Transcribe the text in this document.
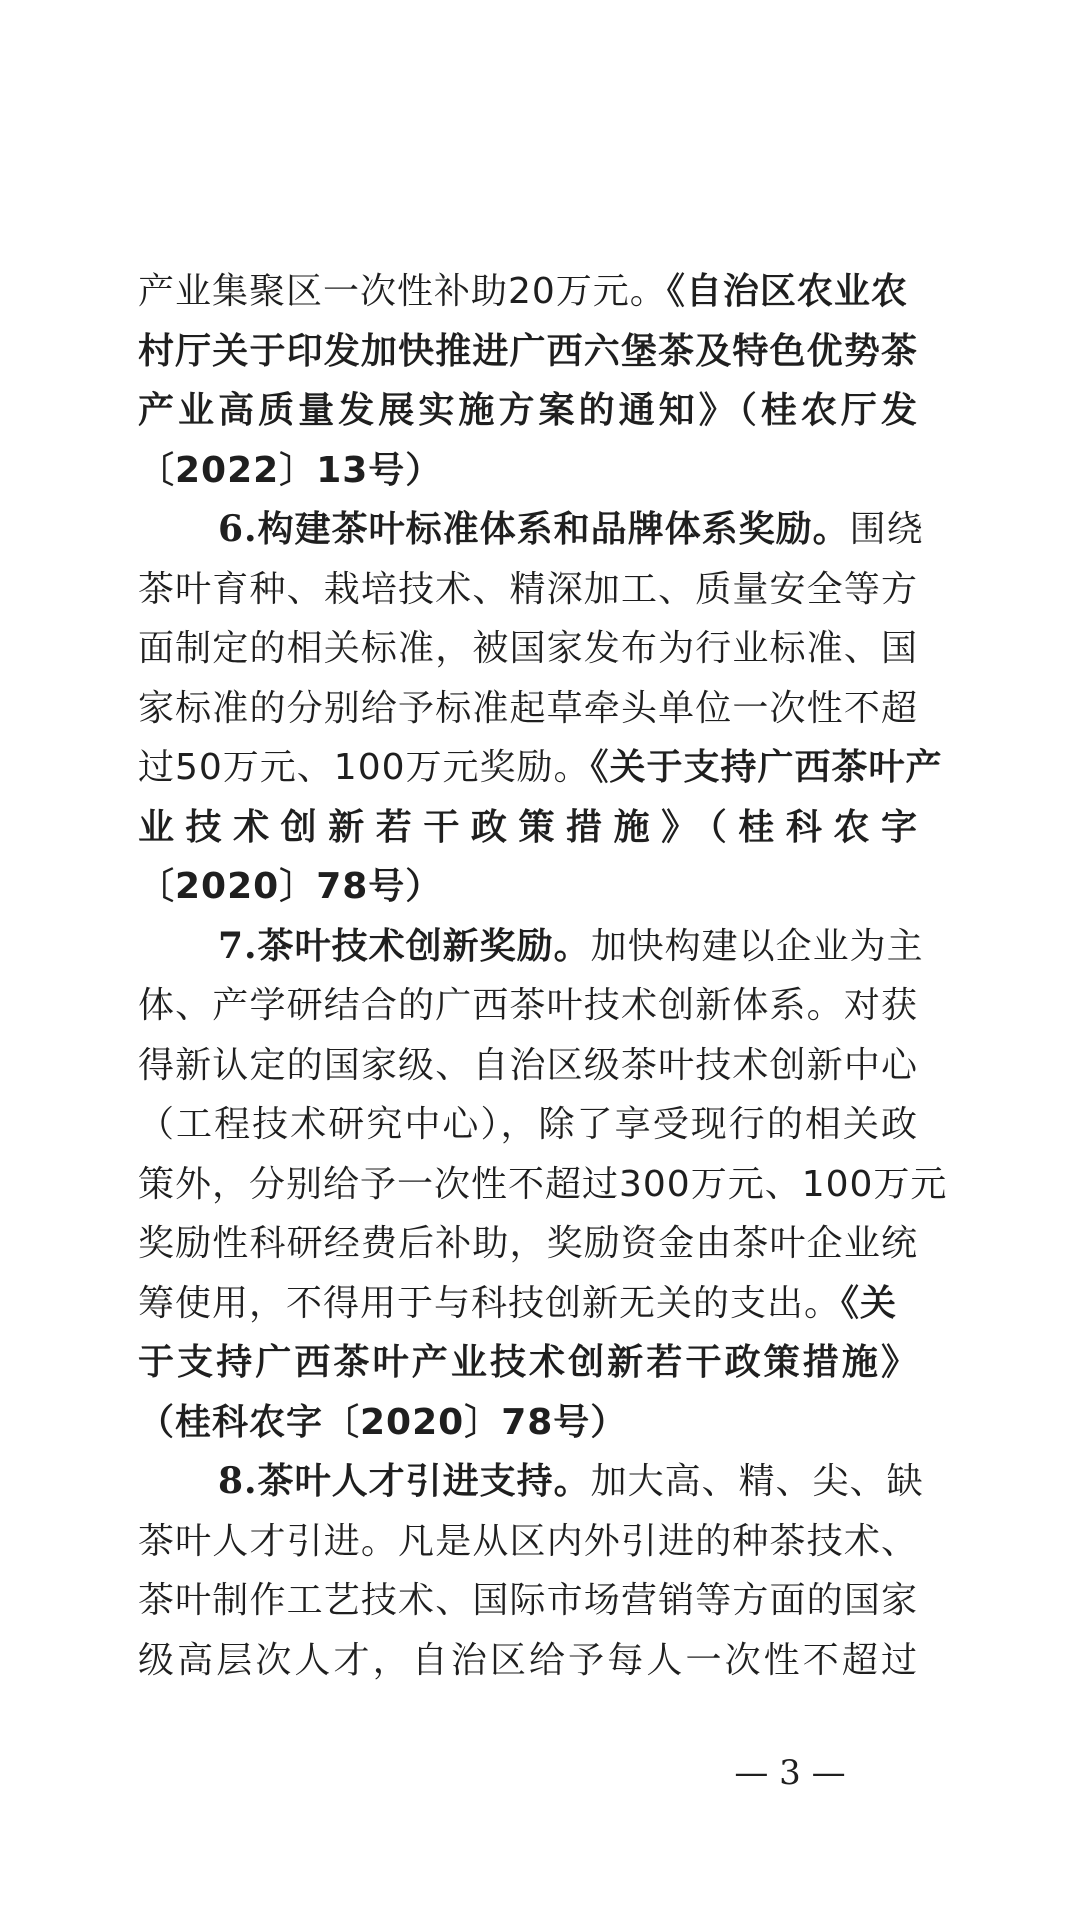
产业集聚区一次性补助20万元。《自治区农业农
村厅关于印发加快推进广西六堡茶及特色优势茶
产业高质量发展实施方案的通知》（桂农厅发
〔2022〕13号）
6.构建茶叶标准体系和品牌体系奖励。围绕
茶叶育种、栽培技术、精深加工、质量安全等方
面制定的相关标准，被国家发布为行业标准、国
家标准的分别给予标准起草牵头单位一次性不超
过50万元、100万元奖励。《关于支持广西茶叶产
业技术创新若干政策措施》（桂科农字
〔2020〕78号）
7.茶叶技术创新奖励。加快构建以企业为主
体、产学研结合的广西茶叶技术创新体系。对获
得新认定的国家级、自治区级茶叶技术创新中心
（工程技术研究中心），除了享受现行的相关政
策外，分别给予一次性不超过300万元、100万元
奖励性科研经费后补助，奖励资金由茶叶企业统
筹使用，不得用于与科技创新无关的支出。《关
于支持广西茶叶产业技术创新若干政策措施》
（桂科农字〔2020〕78号）
8.茶叶人才引进支持。加大高、精、尖、缺
茶叶人才引进。凡是从区内外引进的种茶技术、
茶叶制作工艺技术、国际市场营销等方面的国家
级高层次人才，自治区给予每人一次性不超过
— 3 —
